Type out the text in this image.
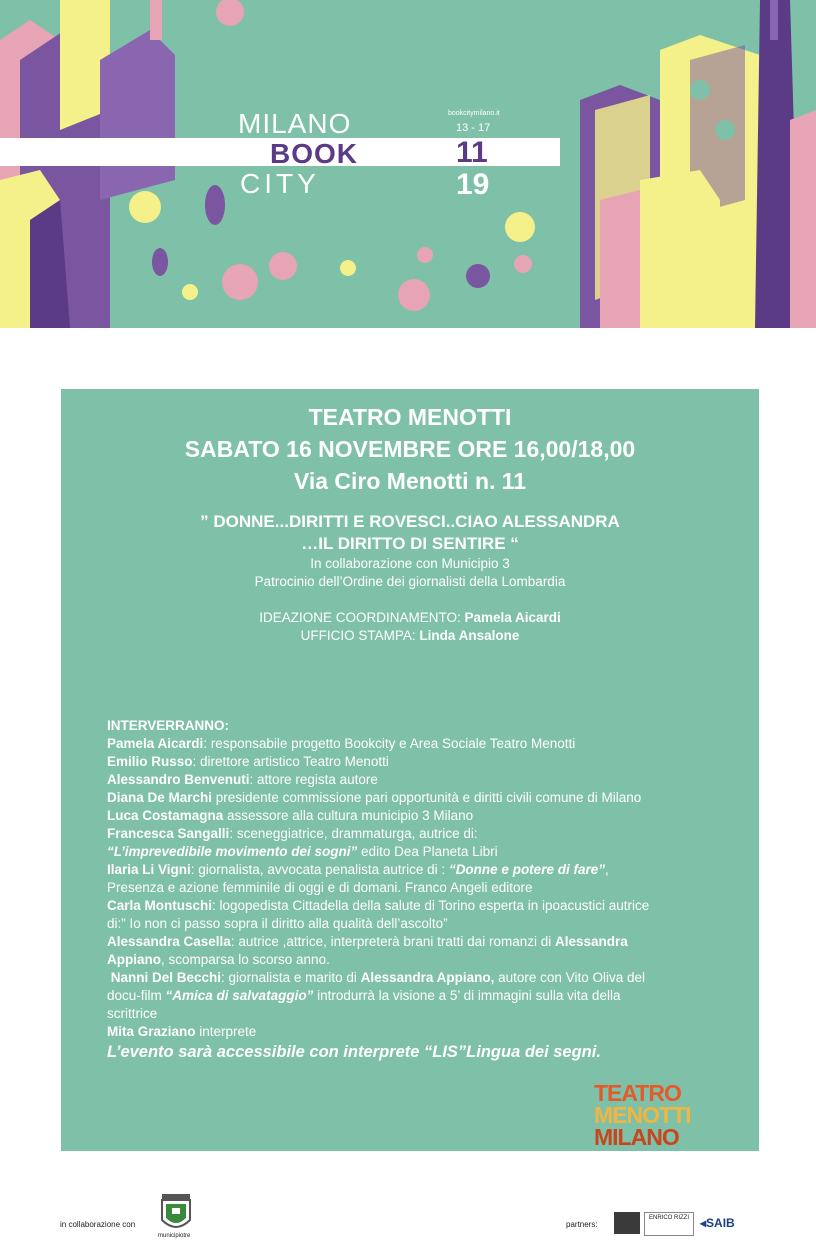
MILANO
BOOK
CITY
bookcitymilano.it
13 - 17
11
19
TEATRO MENOTTI
SABATO 16 NOVEMBRE ORE 16,00/18,00
Via Ciro Menotti n. 11
” DONNE...DIRITTI E ROVESCI..CIAO ALESSANDRA
…IL DIRITTO DI SENTIRE “
In collaborazione con Municipio 3
Patrocinio dell’Ordine dei giornalisti della Lombardia
IDEAZIONE COORDINAMENTO: Pamela Aicardi
UFFICIO STAMPA: Linda Ansalone
INTERVERRANNO:
Pamela Aicardi: responsabile progetto Bookcity e Area Sociale Teatro Menotti
Emilio Russo: direttore artistico Teatro Menotti
Alessandro Benvenuti: attore regista autore
Diana De Marchi presidente commissione pari opportunità e diritti civili comune di Milano
Luca Costamagna assessore alla cultura municipio 3 Milano
Francesca Sangalli: sceneggiatrice, drammaturga, autrice di:
“L’imprevedibile movimento dei sogni” edito Dea Planeta Libri
Ilaria Li Vigni: giornalista, avvocata penalista autrice di : “Donne e potere di fare”,
Presenza e azione femminile di oggi e di domani. Franco Angeli editore
Carla Montuschi: logopedista Cittadella della salute di Torino esperta in ipoacustici autrice
di:” Io non ci passo sopra il diritto alla qualità dell’ascolto”
Alessandra Casella: autrice ,attrice, interpreterà brani tratti dai romanzi di Alessandra
Appiano, scomparsa lo scorso anno.
Nanni Del Becchi: giornalista e marito di Alessandra Appiano, autore con Vito Oliva del
docu-film “Amica di salvataggio” introdurrà la visione a 5’ di immagini sulla vita della
scrittrice
Mita Graziano interprete
L’evento sarà accessibile con interprete “LIS”Lingua dei segni.
TEATRO
MENOTTI
MILANO
in collaborazione con
municipiotre
partners:
ENRICO RIZZI ◂SAIB
